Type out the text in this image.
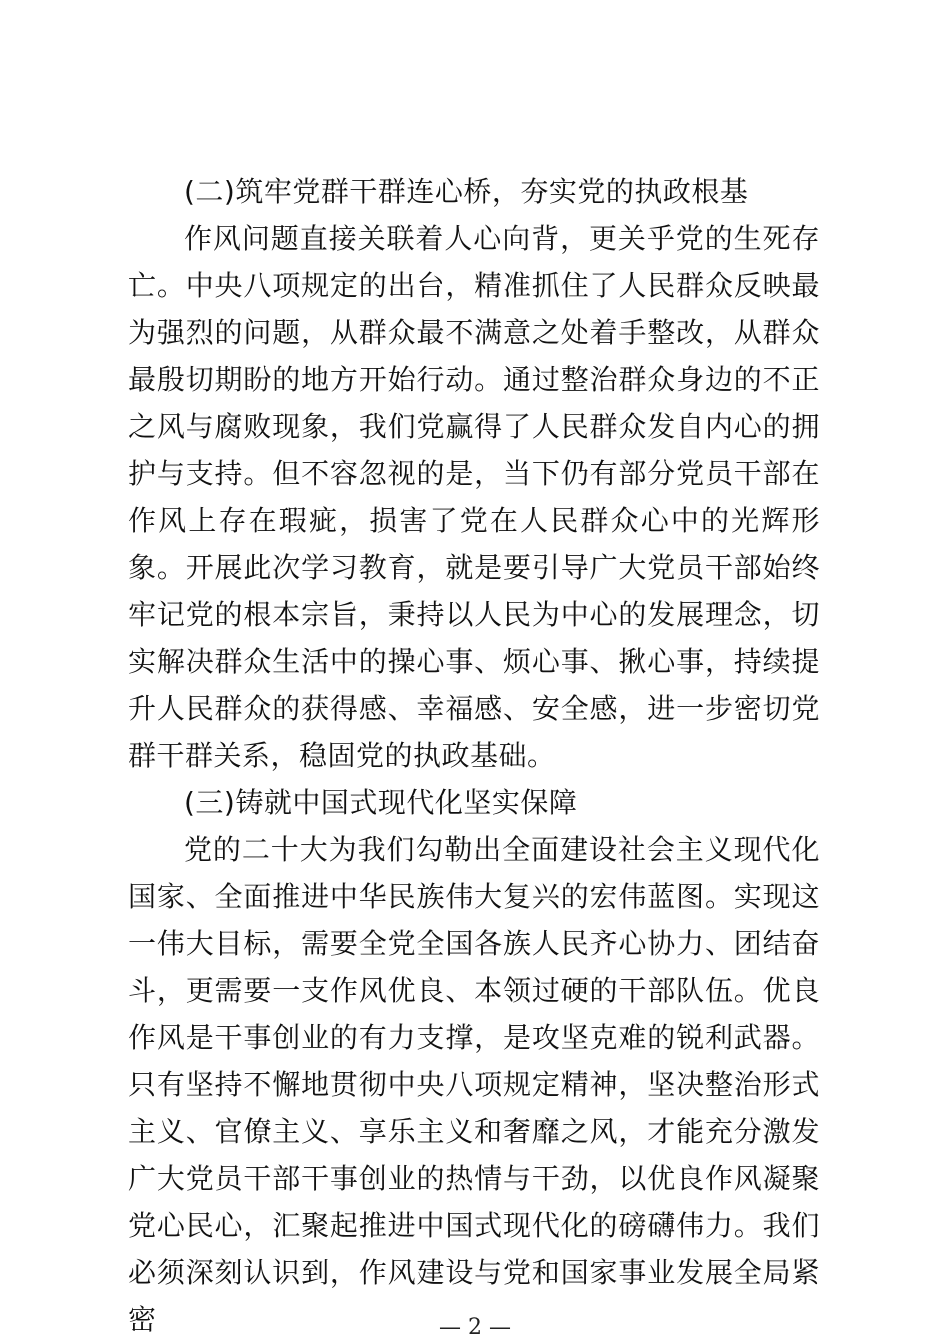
(二)筑牢党群干群连心桥，夯实党的执政根基

作风问题直接关联着人心向背，更关乎党的生死存亡。中央八项规定的出台，精准抓住了人民群众反映最为强烈的问题，从群众最不满意之处着手整改，从群众最殷切期盼的地方开始行动。通过整治群众身边的不正之风与腐败现象，我们党赢得了人民群众发自内心的拥护与支持。但不容忽视的是，当下仍有部分党员干部在作风上存在瑕疵，损害了党在人民群众心中的光辉形象。开展此次学习教育，就是要引导广大党员干部始终牢记党的根本宗旨，秉持以人民为中心的发展理念，切实解决群众生活中的操心事、烦心事、揪心事，持续提升人民群众的获得感、幸福感、安全感，进一步密切党群干群关系，稳固党的执政基础。

(三)铸就中国式现代化坚实保障

党的二十大为我们勾勒出全面建设社会主义现代化国家、全面推进中华民族伟大复兴的宏伟蓝图。实现这一伟大目标，需要全党全国各族人民齐心协力、团结奋斗，更需要一支作风优良、本领过硬的干部队伍。优良作风是干事创业的有力支撑，是攻坚克难的锐利武器。只有坚持不懈地贯彻中央八项规定精神，坚决整治形式主义、官僚主义、享乐主义和奢靡之风，才能充分激发广大党员干部干事创业的热情与干劲，以优良作风凝聚党心民心，汇聚起推进中国式现代化的磅礴伟力。我们必须深刻认识到，作风建设与党和国家事业发展全局紧密	— 2 —
